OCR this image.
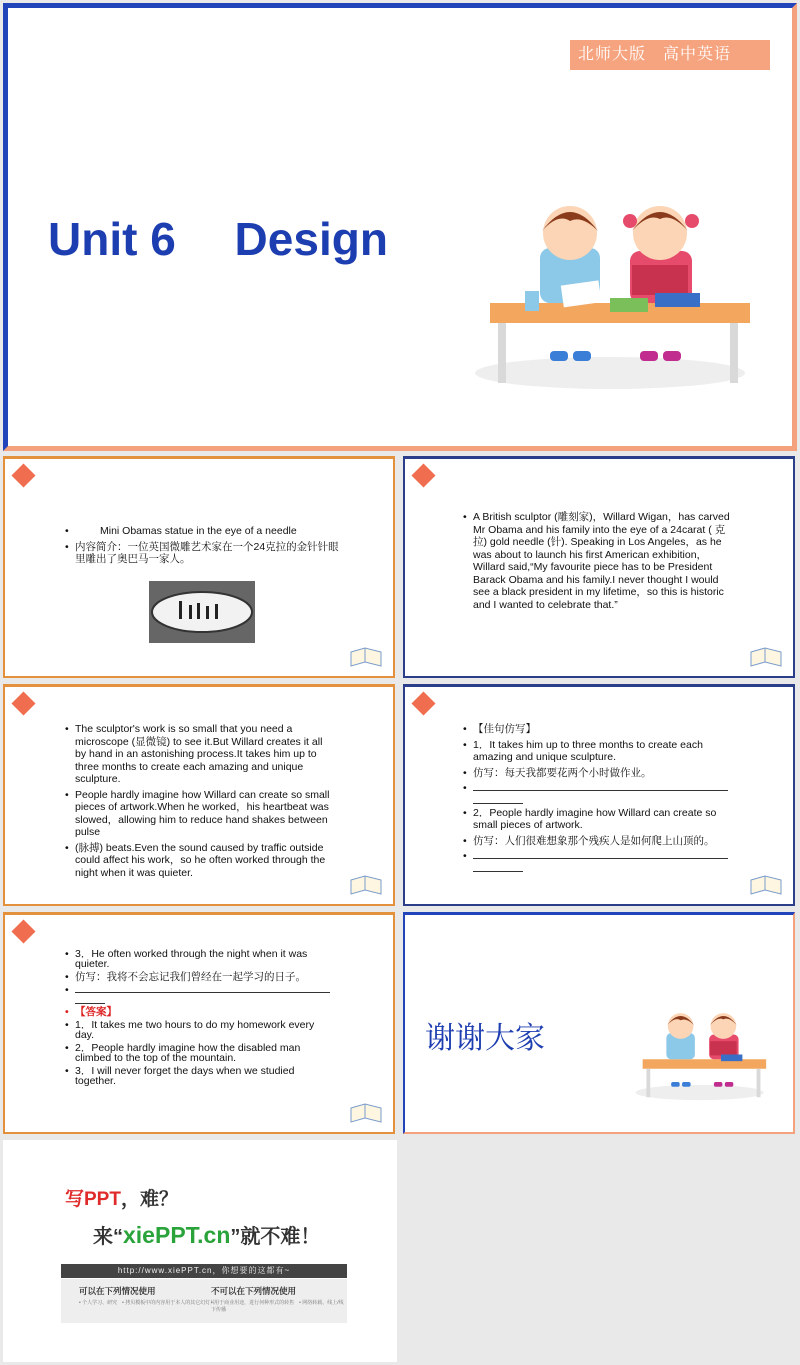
北师大版　高中英语
Unit 6　 Design

• Mini Obamas statue in the eye of a needle

• 内容简介：一位英国微雕艺术家在一个24克拉的金针针眼里雕出了奥巴马一家人。

• A British sculptor (雕刻家)，Willard Wigan，has carved Mr Obama and his family into the eye of a 24carat ( 克拉) gold needle (针). Speaking in Los Angeles，as he was about to launch his first American exhibition，Willard said,“My favourite piece has to be President Barack Obama and his family.I never thought I would see a black president in my lifetime，so this is historic and I wanted to celebrate that.”

• The sculptor's work is so small that you need a microscope (显微镜) to see it.But Willard creates it all by hand in an astonishing process.It takes him up to three months to create each amazing and unique sculpture.

• People hardly imagine how Willard can create so small pieces of artwork.When he worked，his heartbeat was slowed，allowing him to reduce hand shakes between pulse

• (脉搏) beats.Even the sound caused by traffic outside could affect his work，so he often worked through the night when it was quieter.

• 【佳句仿写】

• 1．It takes him up to three months to create each amazing and unique sculpture.

• 仿写：每天我都要花两个小时做作业。

•

• 2．People hardly imagine how Willard can create so small pieces of artwork.

• 仿写：人们很难想象那个残疾人是如何爬上山顶的。

•

• 3．He often worked through the night when it was quieter.

• 仿写：我将不会忘记我们曾经在一起学习的日子。

•

• 【答案】

• 1．It takes me two hours to do my homework every day.

• 2．People hardly imagine how the disabled man climbed to the top of the mountain.

• 3．I will never forget the days when we studied together.

谢谢大家
写PPT，难？
来“xiePPT.cn”就不难！
http://www.xiePPT.cn，你想要的这都有~
可以在下列情况使用
• 个人学习、研究　• 拷贝模板中的内容用于本人的其它幻灯片
不可以在下列情况使用
• 用于商业用途，进行何种形式的转售　• 网络转载、线上/线下传播
